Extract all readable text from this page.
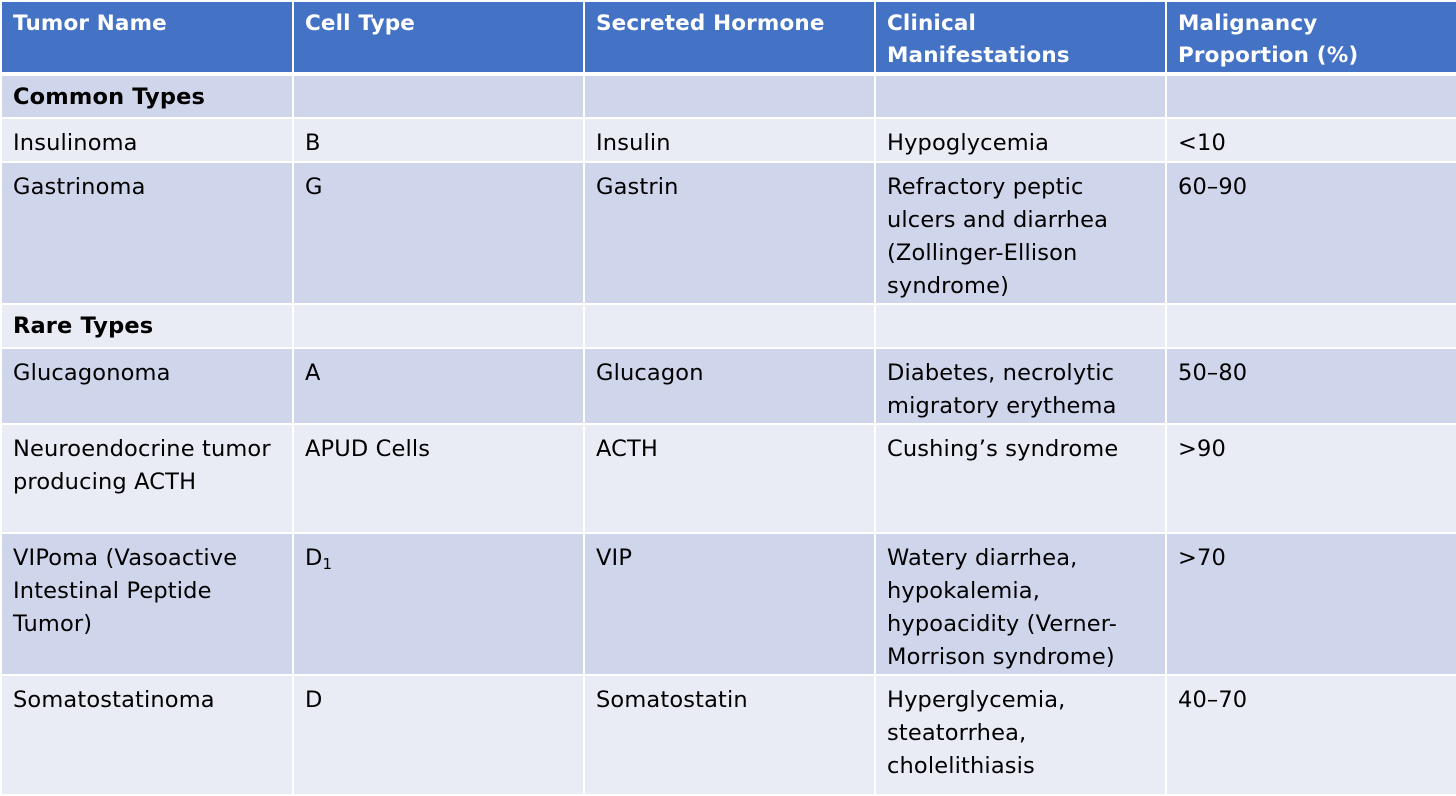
Tumor Name	Cell Type	Secreted Hormone	Clinical Manifestations	Malignancy Proportion (%)
Common Types				
Insulinoma	B	Insulin	Hypoglycemia	<10
Gastrinoma	G	Gastrin	Refractory peptic ulcers and diarrhea (Zollinger-Ellison syndrome)	60–90
Rare Types				
Glucagonoma	A	Glucagon	Diabetes, necrolytic migratory erythema	50–80
Neuroendocrine tumor producing ACTH	APUD Cells	ACTH	Cushing’s syndrome	>90
VIPoma (Vasoactive Intestinal Peptide Tumor)	$D_1$	VIP	Watery diarrhea, hypokalemia, hypoacidity (Verner-Morrison syndrome)	>70
Somatostatinoma	D	Somatostatin	Hyperglycemia, steatorrhea, cholelithiasis	40–70
